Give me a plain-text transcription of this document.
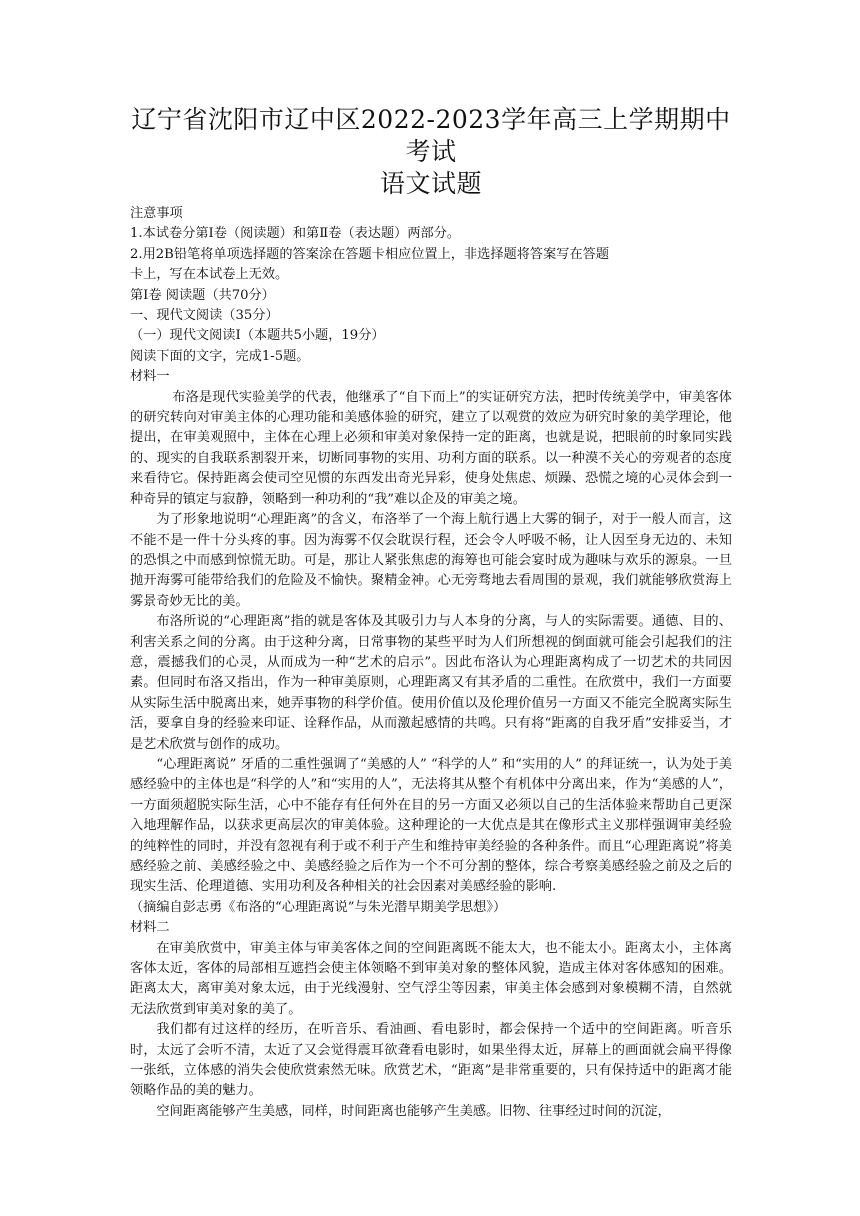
辽宁省沈阳市辽中区2022-2023学年高三上学期期中考试
语文试题

注意事项

1.本试卷分第Ⅰ卷（阅读题）和第Ⅱ卷（表达题）两部分。

2.用2B铅笔将单项选择题的答案涂在答题卡相应位置上，非选择题将答案写在答题

卡上，写在本试卷上无效。

第Ⅰ卷 阅读题（共70分）

一、现代文阅读（35分）

（一）现代文阅读Ⅰ（本题共5小题，19分）

阅读下面的文字，完成1-5题。

材料一

布洛是现代实验美学的代表，他继承了“自下而上”的实证研究方法，把时传统美学中，审美客体的研究转向对审美主体的心理功能和美感体验的研究，建立了以观赏的效应为研究时象的美学理论，他提出，在审美观照中，主体在心理上必须和审美对象保持一定的距离，也就是说，把眼前的时象同实践的、现实的自我联系割裂开来，切断同事物的实用、功利方面的联系。以一种漠不关心的旁观者的态度来看待它。保持距离会使司空见惯的东西发出奇光异彩，使身处焦虑、烦躁、恐慌之境的心灵体会到一种奇异的镇定与寂静，领略到一种功利的“我”难以企及的审美之境。

为了形象地说明“心理距离”的含义，布洛举了一个海上航行遇上大雾的铜子，对于一般人而言，这不能不是一件十分头疼的事。因为海雾不仅会耽误行程，还会令人呼吸不畅，让人因至身无边的、未知的恐惧之中而感到惊慌无助。可是，那让人紧张焦虑的海筹也可能会宴时成为趣味与欢乐的源泉。一旦抛开海雾可能带给我们的危险及不愉快。聚精金神。心无旁骛地去看周围的景观，我们就能够欣赏海上雾景奇妙无比的美。

布洛所说的“心理距离”指的就是客体及其吸引力与人本身的分离，与人的实际需要。通德、目的、利害关系之间的分离。由于这种分离，日常事物的某些平时为人们所想视的倒面就可能会引起我们的注意，震撼我们的心灵，从而成为一种“艺术的启示”。因此布洛认为心理距离构成了一切艺术的共同因素。但同时布洛又指出，作为一种审美原则，心理距离又有其矛盾的二重性。在欣赏中，我们一方面要从实际生活中脱离出来，她弄事物的科学价值。使用价值以及伦理价值另一方面又不能完全脱离实际生活，要拿自身的经验来印证、诠释作品，从而激起感情的共鸣。只有将“距离的自我牙盾”安排妥当，才是艺术欣赏与创作的成功。

“心理距离说” 牙盾的二重性强调了“美感的人” “科学的人” 和“实用的人” 的拜证统一，认为处于美感经验中的主体也是“科学的人”和“实用的人”，无法将其从整个有机体中分离出来，作为“美感的人”，一方面须超脱实际生活，心中不能存有任何外在目的另一方面又必须以自己的生活体验来帮助自己更深入地理解作品，以获求更高层次的审美体验。这种理论的一大优点是其在像形式主义那样强调审美经验的纯粹性的同时，并没有忽视有利于或不利于产生和维持审美经验的各种条件。而且“心理距离说”将美感经验之前、美感经验之中、美感经验之后作为一个不可分割的整体，综合考察美感经验之前及之后的现实生活、伦理道德、实用功利及各种相关的社会因素对美感经验的影响.

（摘编自彭志勇《布洛的“心理距离说”与朱光潜早期美学思想》）

材料二

在审美欣赏中，审美主体与审美客体之间的空间距离既不能太大，也不能太小。距离太小，主体离客体太近，客体的局部相互遮挡会使主体领略不到审美对象的整体风貌，造成主体对客体感知的困难。距离太大，离审美对象太远，由于光线漫射、空气浮尘等因素，审美主体会感到对象模糊不清，自然就无法欣赏到审美对象的美了。

我们都有过这样的经历，在听音乐、看油画、看电影时，都会保持一个适中的空间距离。听音乐时，太远了会听不清，太近了又会觉得震耳欲聋看电影时，如果坐得太近，屏幕上的画面就会扁平得像一张纸，立体感的消失会使欣赏索然无味。欣赏艺术，“距离”是非常重要的，只有保持适中的距离才能领略作品的美的魅力。

空间距离能够产生美感，同样，时间距离也能够产生美感。旧物、往事经过时间的沉淀，
